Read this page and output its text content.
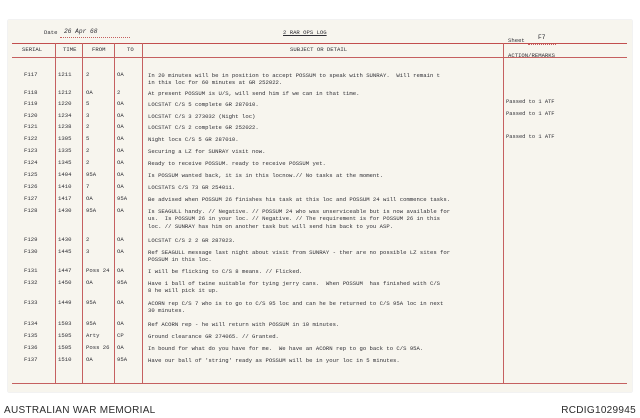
Date 26 Apr 68	2 RAR OPS LOG
Sheet F7
SERIAL	TIME	FROM	TO	SUBJECT OR DETAIL
ACTION/REMARKS
F117	1211	2	OA	In 20 minutes will be in position to accept POSSUM to speak with SUNRAY.  Will remain t
in this loc for 60 minutes at GR 252022.
F118	1212	OA	2	At present POSSUM is U/S, will send him if we can in that time.
F119	1220	5	OA	LOCSTAT C/S 5 complete GR 287010.	Passed to 1 ATF
F120	1234	3	OA	LOCSTAT C/S 3 273032 (Night loc)	Passed to 1 ATF
F121	1238	2	OA	LOCSTAT C/S 2 complete GR 252022.
F122	1305	5	OA	Night locs C/S 5 GR 287010.	Passed to 1 ATF
F123	1335	2	OA	Securing a LZ for SUNRAY visit now.
F124	1345	2	OA	Ready to receive POSSUM. ready to receive POSSUM yet.
F125	1404	95A	OA	Is POSSUM wanted back, it is in this locnow.// No tasks at the moment.
F126	1410	7	OA	LOCSTATS C/S 73 GR 254011.
F127	1417	OA	95A	Be advised when POSSUM 26 finishes his task at this loc and POSSUM 24 will commence tasks.
F128	1430	95A	OA	Is SEAGULL handy. // Negative. // POSSUM 24 who was unserviceable but is now available for
us.  Is POSSUM 26 in your loc. // Negative. // The requirement is for POSSUM 26 in this
loc. // SUNRAY has him on another task but will send him back to you ASP.
F129	1430	2	OA	LOCSTAT C/S 2 2 GR 287023.
F130	1445	3	OA	Ref SEAGULL message last night about visit from SUNRAY - ther are no possible LZ sites for
POSSUM in this loc.
F131	1447	Poss 24 OA	I will be flicking to C/S 8 means. // Flicked.
F132	1450	OA	95A	Have 1 ball of twine suitable for tying jerry cans.  When POSSUM  has finished with C/S
8 he will pick it up.
F133	1449	95A	OA	ACORN rep C/S 7 who is to go to C/S 95 loc and can he be returned to C/S 95A loc in next
30 minutes.
F134	1503	95A	OA	Ref ACORN rep - he will return with POSSUM in 10 minutes.
F135	1505	Arty	CP	Ground clearance GR 274065. // Granted.
F136	1505	Poss 26 OA	In bound for what do you have for me.  We have an ACORN rep to go back to C/S 95A.
F137	1510	OA	95A	Have our ball of 'string' ready as POSSUM will be in your loc in 5 minutes.
AUSTRALIAN WAR MEMORIAL	RCDIG1029945
